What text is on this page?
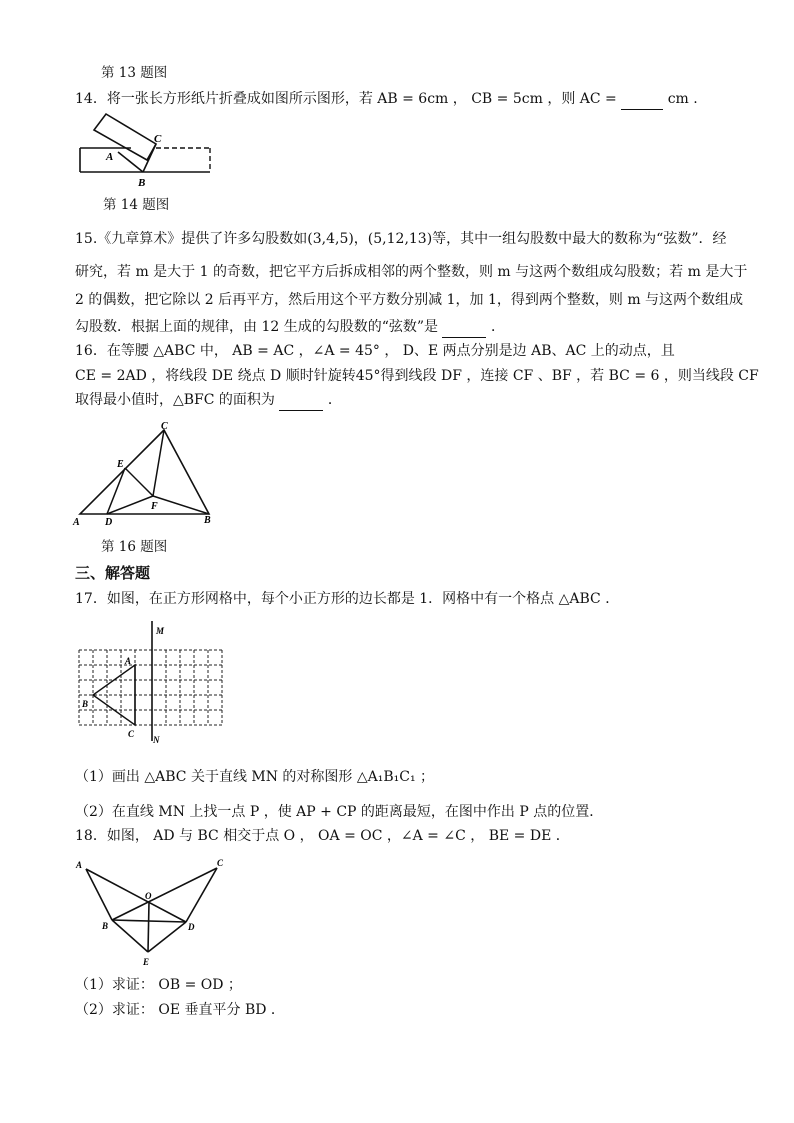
第 13 题图
14．将一张长方形纸片折叠成如图所示图形，若 AB = 6cm ， CB = 5cm ，则 AC =	cm .
A
B
C
第 14 题图
15.《九章算术》提供了许多勾股数如(3,4,5)，(5,12,13)等，其中一组勾股数中最大的数称为“弦数”．经
研究，若 m 是大于 1 的奇数，把它平方后拆成相邻的两个整数，则 m 与这两个数组成勾股数；若 m 是大于
2 的偶数，把它除以 2 后再平方，然后用这个平方数分别减 1，加 1，得到两个整数，则 m 与这两个数组成
勾股数．根据上面的规律，由 12 生成的勾股数的“弦数”是	．
16．在等腰 △ABC 中， AB = AC ，∠A = 45° ， D、E 两点分别是边 AB、AC 上的动点，且
CE = 2AD ，将线段 DE 绕点 D 顺时针旋转45°得到线段 DF ，连接 CF 、BF ，若 BC = 6 ，则当线段 CF
取得最小值时，△BFC 的面积为	．
A	D	B
C
E
F
第 16 题图
三、解答题
17．如图，在正方形网格中，每个小正方形的边长都是 1．网格中有一个格点 △ABC ．
M
N
A
B
C
（1）画出 △ABC 关于直线 MN 的对称图形 △A₁B₁C₁ ；
（2）在直线 MN 上找一点 P ，使 AP + CP 的距离最短，在图中作出 P 点的位置．
18．如图， AD 与 BC 相交于点 O ， OA = OC ，∠A = ∠C ， BE = DE ．
A	C
O
B	D
E
（1）求证： OB = OD ；
（2）求证： OE 垂直平分 BD ．
